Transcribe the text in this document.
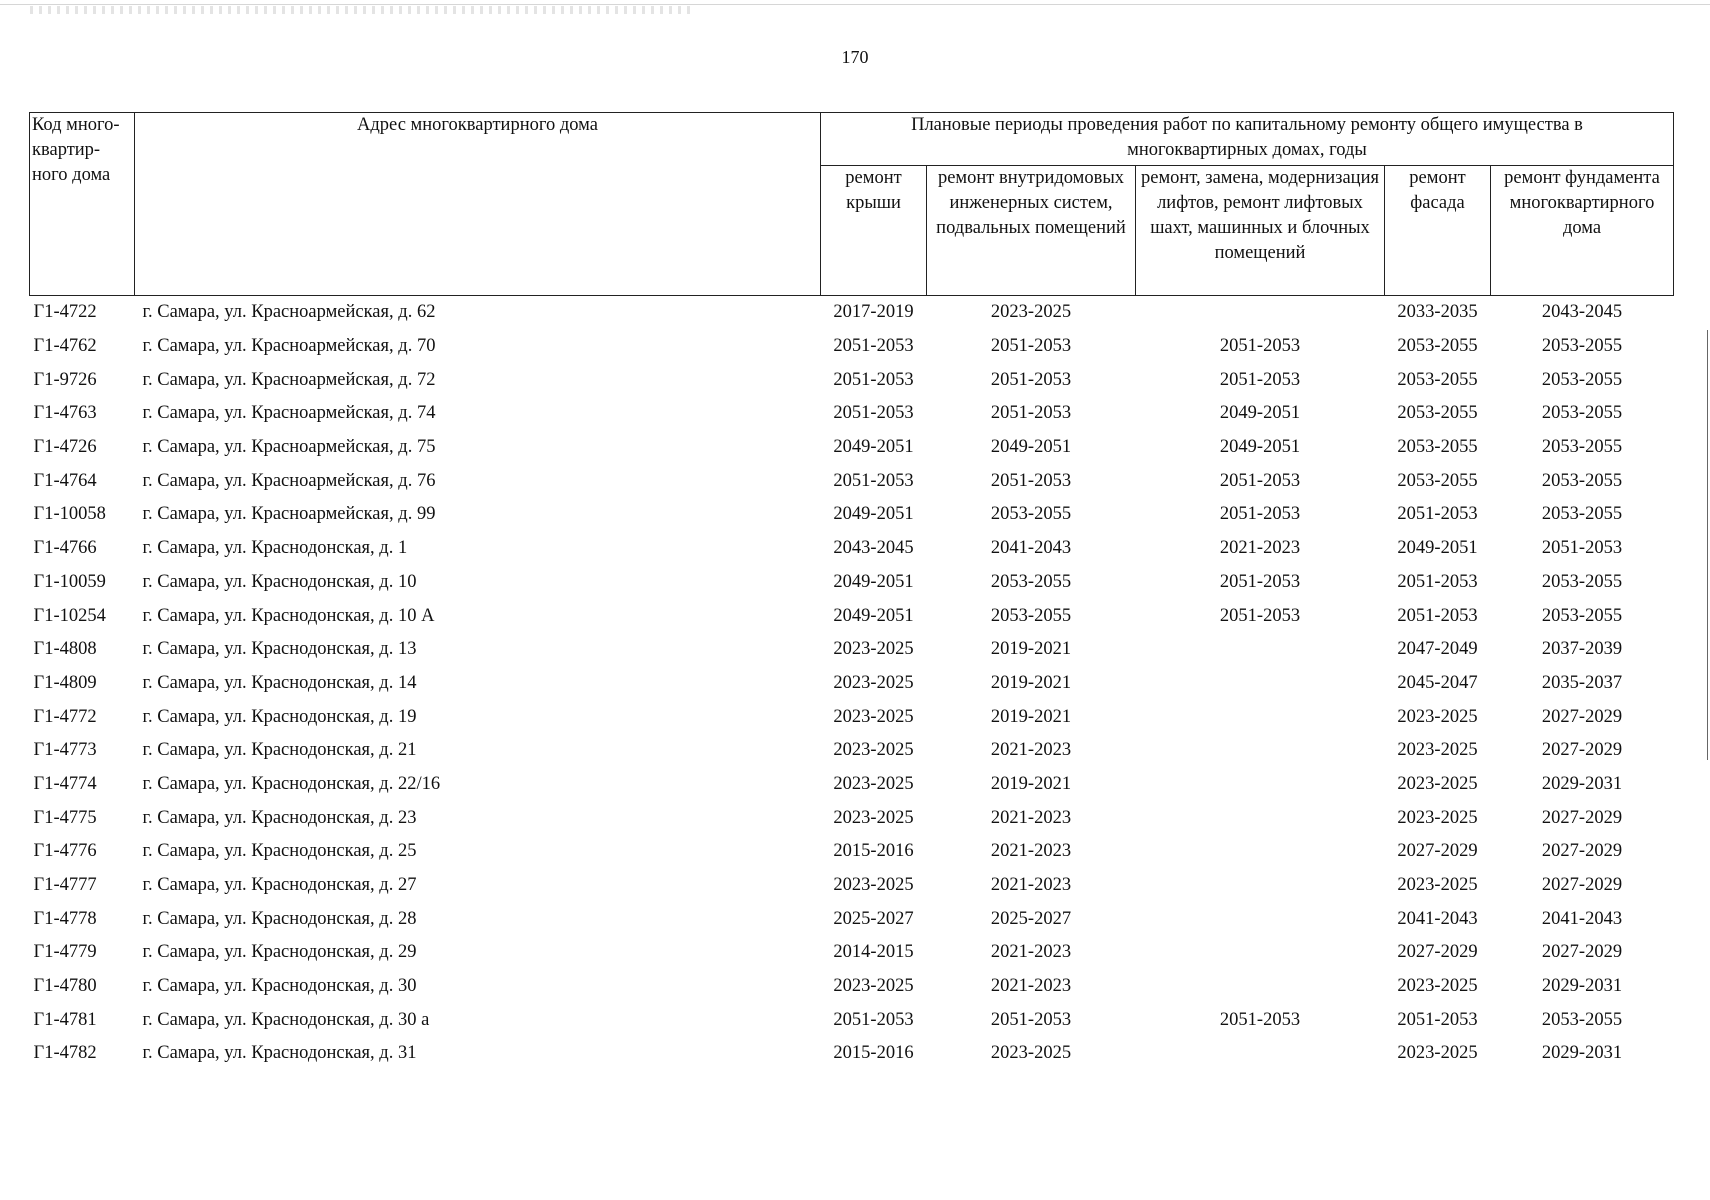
170
Код много-квартир-ного дома	Адрес многоквартирного дома	Плановые периоды проведения работ по капитальному ремонту общего имущества в многоквартирных домах, годы				
		ремонт крыши	ремонт внутридомовых инженерных систем, подвальных помещений	ремонт, замена, модернизация лифтов, ремонт лифтовых шахт, машинных и блочных помещений	ремонт фасада	ремонт фундамента многоквартирного дома
Г1-4722	г. Самара, ул. Красноармейская, д. 62	2017-2019	2023-2025		2033-2035	2043-2045
Г1-4762	г. Самара, ул. Красноармейская, д. 70	2051-2053	2051-2053	2051-2053	2053-2055	2053-2055
Г1-9726	г. Самара, ул. Красноармейская, д. 72	2051-2053	2051-2053	2051-2053	2053-2055	2053-2055
Г1-4763	г. Самара, ул. Красноармейская, д. 74	2051-2053	2051-2053	2049-2051	2053-2055	2053-2055
Г1-4726	г. Самара, ул. Красноармейская, д. 75	2049-2051	2049-2051	2049-2051	2053-2055	2053-2055
Г1-4764	г. Самара, ул. Красноармейская, д. 76	2051-2053	2051-2053	2051-2053	2053-2055	2053-2055
Г1-10058	г. Самара, ул. Красноармейская, д. 99	2049-2051	2053-2055	2051-2053	2051-2053	2053-2055
Г1-4766	г. Самара, ул. Краснодонская, д. 1	2043-2045	2041-2043	2021-2023	2049-2051	2051-2053
Г1-10059	г. Самара, ул. Краснодонская, д. 10	2049-2051	2053-2055	2051-2053	2051-2053	2053-2055
Г1-10254	г. Самара, ул. Краснодонская, д. 10 А	2049-2051	2053-2055	2051-2053	2051-2053	2053-2055
Г1-4808	г. Самара, ул. Краснодонская, д. 13	2023-2025	2019-2021		2047-2049	2037-2039
Г1-4809	г. Самара, ул. Краснодонская, д. 14	2023-2025	2019-2021		2045-2047	2035-2037
Г1-4772	г. Самара, ул. Краснодонская, д. 19	2023-2025	2019-2021		2023-2025	2027-2029
Г1-4773	г. Самара, ул. Краснодонская, д. 21	2023-2025	2021-2023		2023-2025	2027-2029
Г1-4774	г. Самара, ул. Краснодонская, д. 22/16	2023-2025	2019-2021		2023-2025	2029-2031
Г1-4775	г. Самара, ул. Краснодонская, д. 23	2023-2025	2021-2023		2023-2025	2027-2029
Г1-4776	г. Самара, ул. Краснодонская, д. 25	2015-2016	2021-2023		2027-2029	2027-2029
Г1-4777	г. Самара, ул. Краснодонская, д. 27	2023-2025	2021-2023		2023-2025	2027-2029
Г1-4778	г. Самара, ул. Краснодонская, д. 28	2025-2027	2025-2027		2041-2043	2041-2043
Г1-4779	г. Самара, ул. Краснодонская, д. 29	2014-2015	2021-2023		2027-2029	2027-2029
Г1-4780	г. Самара, ул. Краснодонская, д. 30	2023-2025	2021-2023		2023-2025	2029-2031
Г1-4781	г. Самара, ул. Краснодонская, д. 30 а	2051-2053	2051-2053	2051-2053	2051-2053	2053-2055
Г1-4782	г. Самара, ул. Краснодонская, д. 31	2015-2016	2023-2025		2023-2025	2029-2031
